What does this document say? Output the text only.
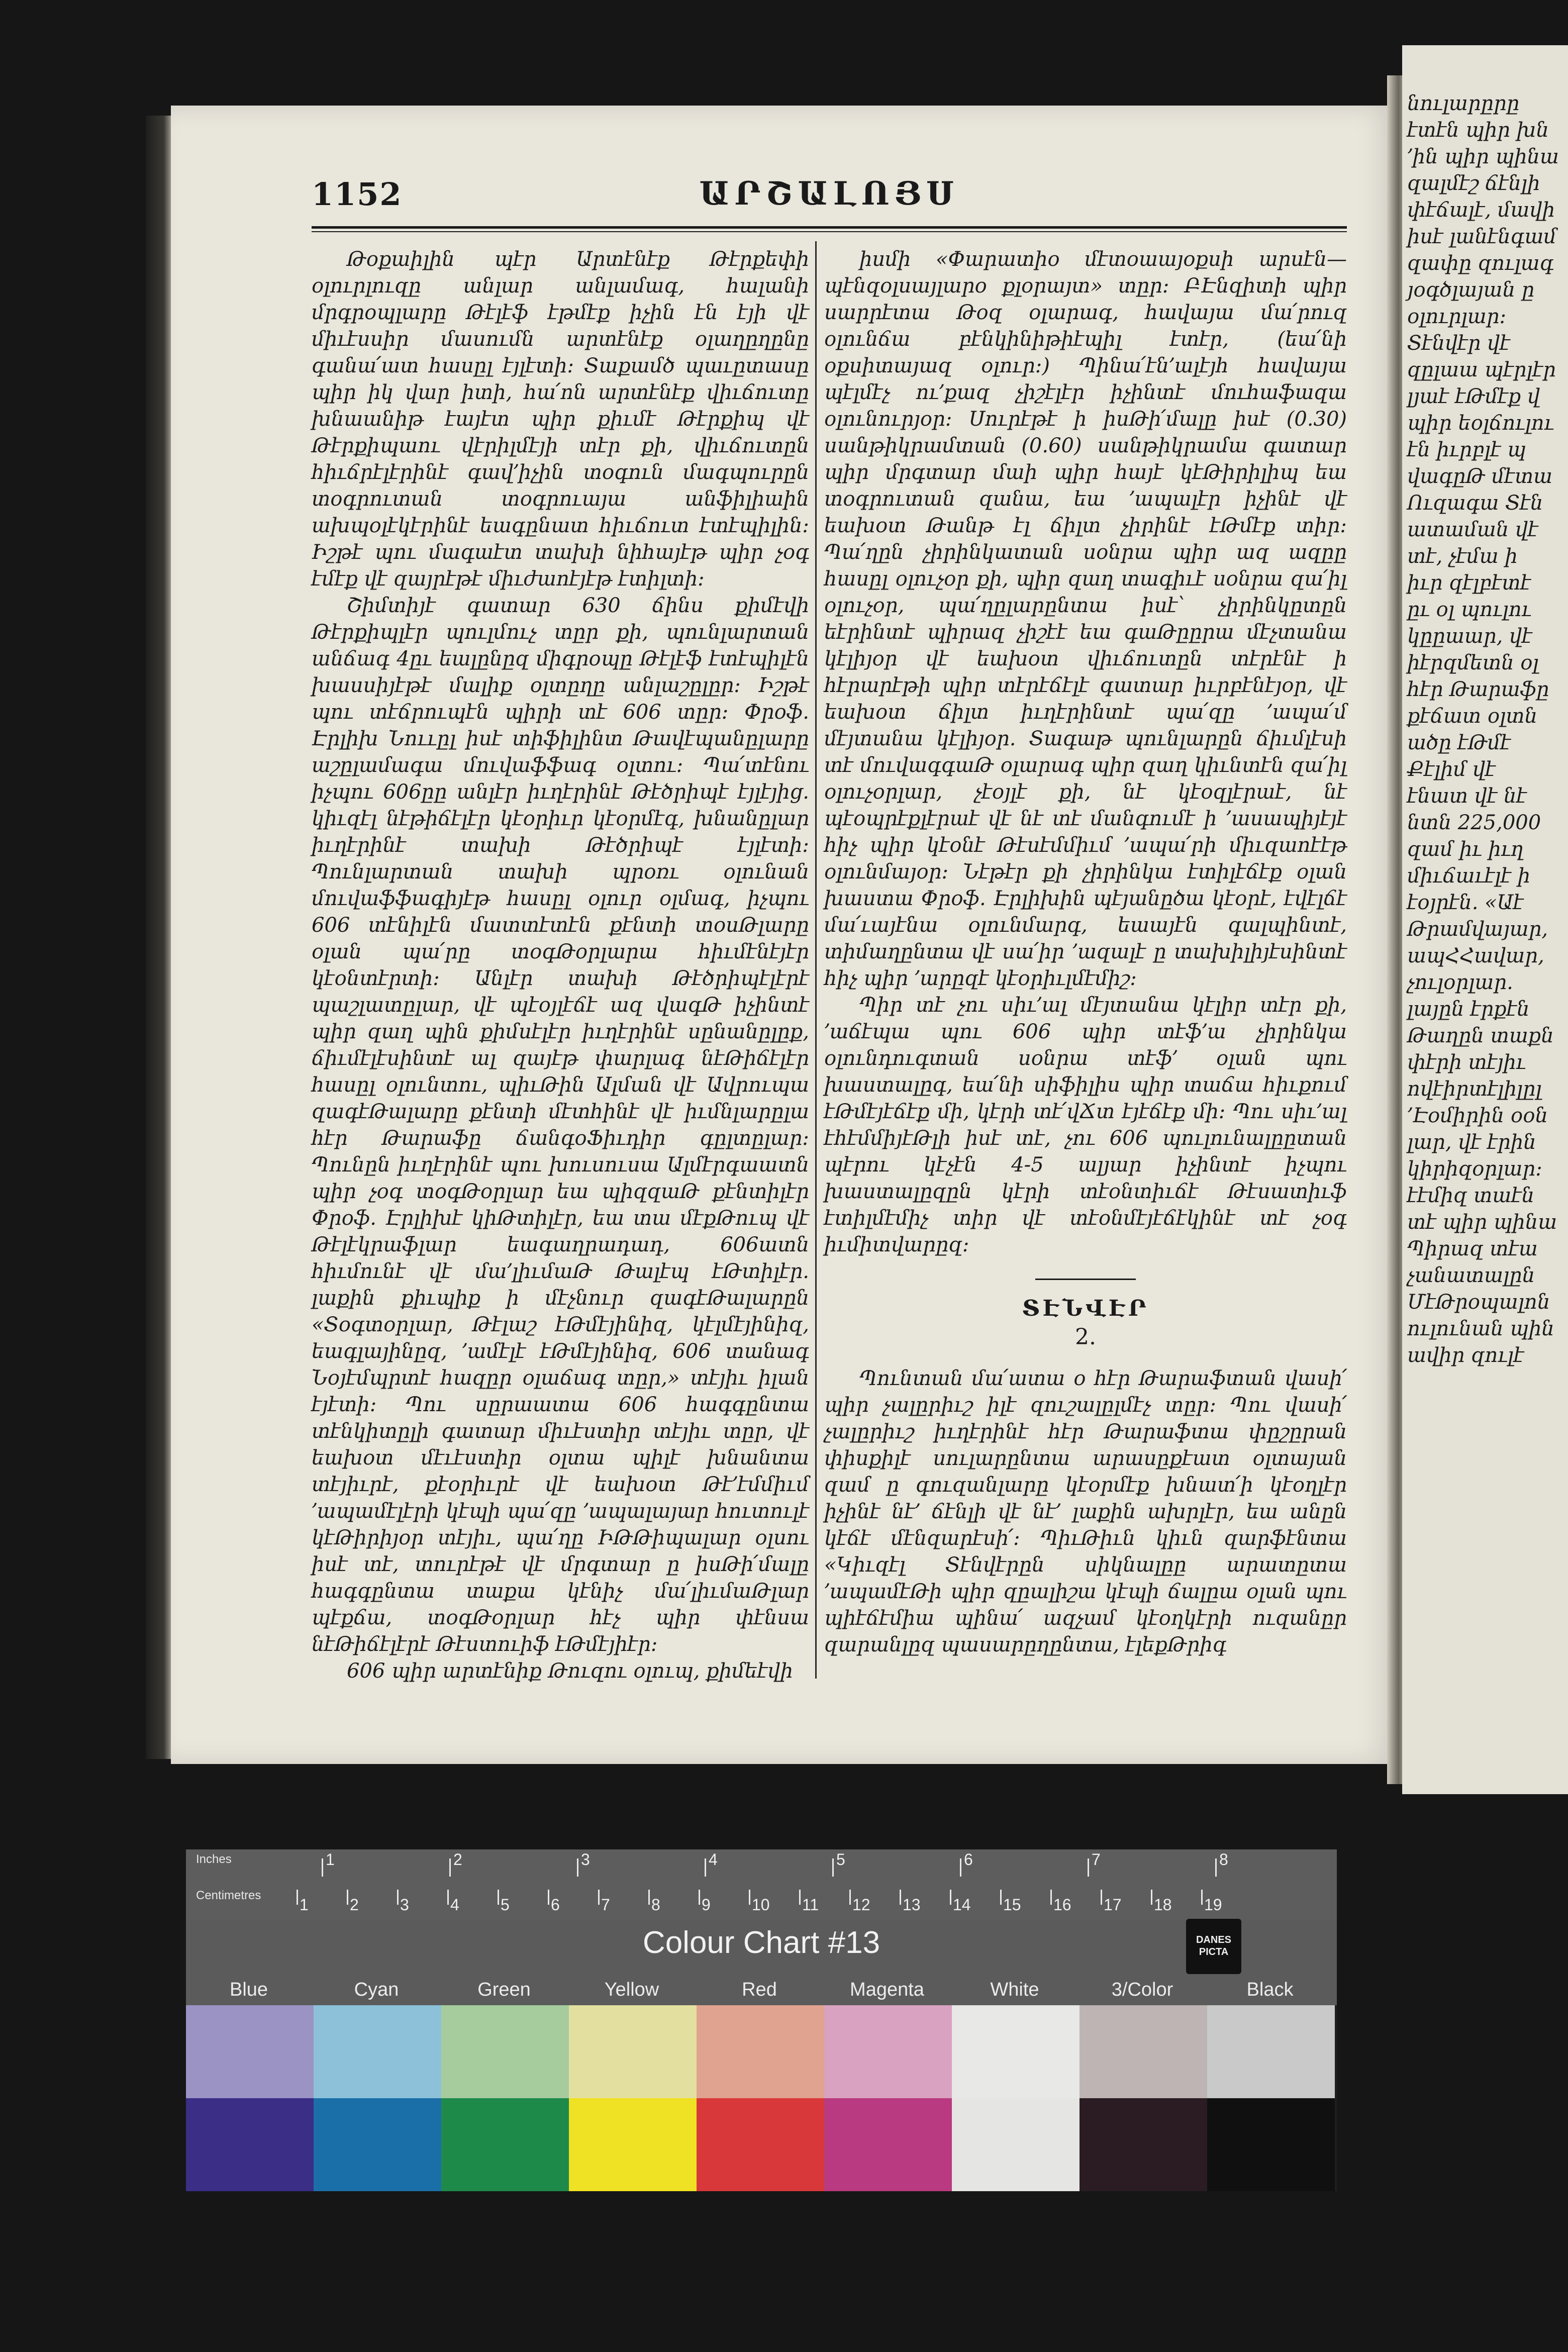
1152	ԱՐՇԱԼՈՅՍ

Թօքաիլին պէր Արտէնէք Թէրքեփի օլուրլուզը անլար անլամագ, հալանի մրգրօպլարը Թէլէֆ էթմէք իչին էն էյի վէ միւէսսիր մասումն արտէնէք օլաղըղընը գանա՛ատ հասըլ էյլէտի։ Տաքամծ պաւըտասը պիր իկ վար իտի, հա՛ոն արտէնէք վիւճուտը խնաանիթ էայէտ պիր քիւմէ Թէրքիպ վէ Թէրքիպաու վէրիլմէյի տէր քի, վիւճուտըն հիւճրէլէրինէ գավ՚իչին տօգուն մագպուրըն տօգրուտան տօգրուայա անֆիլիաին ախպօլէկէրինէ եագընատ հիւճուտ էտէպիլին։ Իշթէ պու մագաէտ տախի նիհայէթ պիր չօգ էմէք վէ զայրէթէ միւժաոէյէթ էտիլտի։

Շիմտիյէ գատար 630 ճինս քիմէվի Թէրքիպլէր պուլմուչ տըր քի, պունլարտան անճագ 4ըւ եալընըզ միգրօպը Թէլէֆ էտէպիլէն խասսիյէթէ մալիք օլտըղը անլաշըլըր։ Իշթէ պու տէճրուպէն պիրի տէ 606 տըր։ Փրօֆ. Էրլիխ Նոււըլ իսէ տիֆիլինտ Թավէպանըլարը աշըլամագա մուվաֆֆագ օլտու։ Պա՛տէնու իչպու 606ըը անլէր իւղէրինէ Թէծրիպէ էյլէյից. կիւզէլ նէթիճէլէր կէօրիւր կէօրմէգ, խնանըլար իւղէրինէ տախի Թէծրիպէ էյլէտի։ Պունլարտան տախի պրօռւ օլունան մուվաֆֆագիյէթ հասըլ օլուր օլմագ, իչպու 606 տէնիլէն մատտէտէն քէնտի տօսԹլարը օլան պա՛րը տօգԹօրլարա հիւմէնէյէր կէօնտէրտի։ Անլէր տախի Թէծրիպէլէրէ պաշլատըլար, վէ պէօյլէճէ ազ վագԹ իչինտէ պիր զաղ պին քիմսէլէր իւղէրինէ սընանըլըք, ճիւմէլէսինտէ ալ զայէթ փարլագ նէԹիճէլէր հասըլ օլունտու, պիւԹին Ալման վէ Ավրուպա զագէԹալարը քէնտի մէտհինէ վէ իւմնլարըլա հէր Թարաֆը ճանգօՖիւդիր գըլտըլար։ Պունըն իւղէրինէ պու խուսուսա Ալմէրգաատն պիր չօգ տօգԹօրլար եա պիզզաԹ քէնտիլէր Փրօֆ. Էրլիխէ կիԹտիլէր, եա տա մէքԹուպ վէ Թէլէկրաֆլար եագաղրադադ, 606ատն հիւմունէ վէ մա՚լիւմաԹ Թալէպ էԹտիլէր. լաքին քիւպիք ի մէչնուր զագէԹալարըն «Տօգտօրլար, Թէլաշ էԹմէյինիզ, կէլմէյինիզ, եագլայինըզ, ՚ամէլէ էԹմէյինիզ, 606 տանագ Նօյէմպրտէ հազըր օլաճագ տըր,» տէյիւ իլան էյէտի։ Պու սըրաատա 606 հագգընտա տէնկիտըլի գատար միւէստիր տէյիւ տըր, վէ եախօտ մէւէստիր օլտա պիլէ խնանտա տէյիւրէ, քէօրիւրէ վէ եախօտ Թէ՚էմմիւմ ՚ապամէլէրի կէպի պա՛զը ՚ապալայար հուտուլէ կէԹիրիյօր տէյիւ, պա՛ղը ԻԹԹիպալար օլսու իսէ տէ, տուրէթէ վէ մրգտար ը իսԹի՛մալը հագգընտա տաքա կէնիչ մա՛լիւմաԹլար պէքճա, տօգԹօրլար հէչ պիր փէնսա նէԹիճէլէրէ Թէստուիֆ էԹմէյիէր։

606 պիր արտէնիք Թուզու օլուպ, քիմեէվի

իսմի «Փարատիօ մէտօաայօքսի արսէն—պէնզօլսայլարօ քլօրայտ» տըր։ ԲԷնզիտի պիր սարրէտա Թօզ օլարագ, հավայա մա՛րուզ օլունճա բէնկինիթիէպիլ էտէր, (եա՛նի օքսիտայազ օլուր։) Պինա՛էն՚ալէյհ հավայա պէլմէչ ու՚քազ չիշէլէր իչինտէ մուհաֆազա օլունուրյօր։ Սուրէթէ ի իսԹի՛մալը իսէ (0.30) սանթիկրամտան (0.60) սանթիկրամա գատար պիր մրգտար մաի պիր հայէ կէԹիրիլիպ եա տօգրուտան զանա, եա ՚ապալէր իչինէ վէ եախօտ Թանթ էլ ճիլտ չիրինէ էԹմէք տիր։ Պա՛ղըն չիրինկատան սօնրա պիր ազ ազըը հասըլ օլուչօր քի, պիր զաղ տագիւէ սօնրա զա՛իլ օլուչօր, պա՛ղըլարընտա իսէ՝ չիրինկըտըն եէրինտէ պիրազ չիշէէ եա գաԹըըրա մէչտանա կէլիյօր վէ եախօտ վիւճուտըն տէրէնէ ի հէրարէթի պիր տէրէճէլէ գատար իւրբէնէյօր, վէ եախօտ ճիլտ իւղէրինտէ պա՛զը ՚ապա՛մ մէյտանա կէլիյօր. Տագաթ պունլարըն ճիւմլէսի տէ մուվագգաԹ օլարագ պիր զաղ կիւնտէն զա՛իլ օլուչօրլար, չէօյլէ քի, նէ կէօզլէրաէ, նէ պէօպրէքլէրաէ վէ նէ տէ մանգումէ ի ՚ասապիյէյէ հիչ պիր կէօնէ Թէսէմմիւմ ՚ապա՛րի միւզաոէէթ օլունմայօր։ Նէթէր քի չիրինկա էտիլէճէք օլան խաստա Փրօֆ. Էրլիխին պէյանըծա կէօրէ, էվէլճէ մա՛ւայէնա օլունմարգ, եաայէն գալպինտէ, տիմաղընտա վէ սա՛իր ՚ազալէ ը տախիլիյէսինտէ հիչ պիր ՚արըզէ կէօրիւլմէմիշ։

Պիր տէ չու սիւ՚ալ մէյտանա կէլիր տէր քի, ՚աճէպա պու 606 պիր տէֆ՚ա չիրինկա օլունդուգտան սօնրա տէֆ՚ օլան պու խաստալըգ, եա՛նի սիֆիլիս պիր տաճա հիւքում էԹմէյէճէք մի, կէրի տէ՛վՃտ էյէճէք մի։ Պու սիւ՚ալ էհէմմիյէԹլի իսէ տէ, չու 606 պուլունալըըտան պէրու կէչէն 4-5 ալյար իչինտէ իչպու խաստալըզըն կէրի տէօնտիւճէ Թէսատիւֆ էտիլմէմիչ տիր վէ տէօնմէյէճէկինէ տէ չօգ իւմիտվարըզ։

ՏԷՆՎԷՐ
2.

Պունտան մա՛ատա օ հէր Թարաֆտան վասի՛ պիր չալըրիւշ իլէ զուշալըլմէչ տըր։ Պու վասի՛ չալըրիւշ իւղէրինէ հէր Թարաֆտա փըշըրան փիսքիլէ սուլարընտա արասըքէատ օլտայան զամ ը գուզանլարը կէօրմէք խնատ՛ի կէօղլէր իչինէ նէ՚ ճէնլի վէ նէ՚ լաքին ախրլէր, եա անըն կէճէ մէնզարէսի՛։ ՊիւԹիւն կիւն զարֆէնտա «Կիւզէլ Տէնվէրըն սիկնալըը արատըտա ՚ապամէԹի պիր զըալիշա կէպի ճալըա օլան պու պիէճէմիա պինա՛ ազչամ կէօղկէրի ուզանըր զարանլըզ պասարըղընտա, էլեքԹրիգ

նուլարըրը
էտէն պիր խն
՚ին պիր պինա
զալմէշ ճէնլի
փէճալէ, մավի
իսէ լանէնգամ
զափը զուլագ
յօգծլայան ը
օլուրլար։
Տէնվէր վէ
զըլաա պէրլէր
լյաէ էԹմէք վ
պիր եօլճուլու
էն իւրբլէ պ
վագըԹ մէտա
Ուզագա Տէն
ատաման վէ
տէ, չէմա ի
իւր զէլբէտէ
ըւ օլ պուլու
կըըաար, վէ
իէրզմետն օլ
հէր Թարաֆը
քէճատ օլտն
ածը էԹմէ
Քէլիմ վէ
էնատ վէ նէ
նտն 225,000
զամ իւ իւղ
միւճաւէլէ ի
էօյրէն. «Աէ
Թրամվայար,
ապՀՀավար,
չուլօրլար.
լայըն էրքէն
Թաղըն տաքն
փէրի տէյիւ
ովէիրտէլիլըլ
՚Էօմիրին օօն
լար, վէ էրին
կիրիզօրլար։
էէմիզ տաէն
տէ պիր պինա
Պիրազ տէա
չանատալըն
ՄէԹրօպալոն
ուլունան պին
ավիր զուլէ
Inches
Centimetres
1	2	3	4	5	6	7	8
1	2	3	4	5	6	7	8	9	10 11 12 13 14 15 16 17 18 19
Colour Chart #13	DANES
PICTA
Blue	Cyan	Green	Yellow	Red	Magenta	White	3/Color	Black
